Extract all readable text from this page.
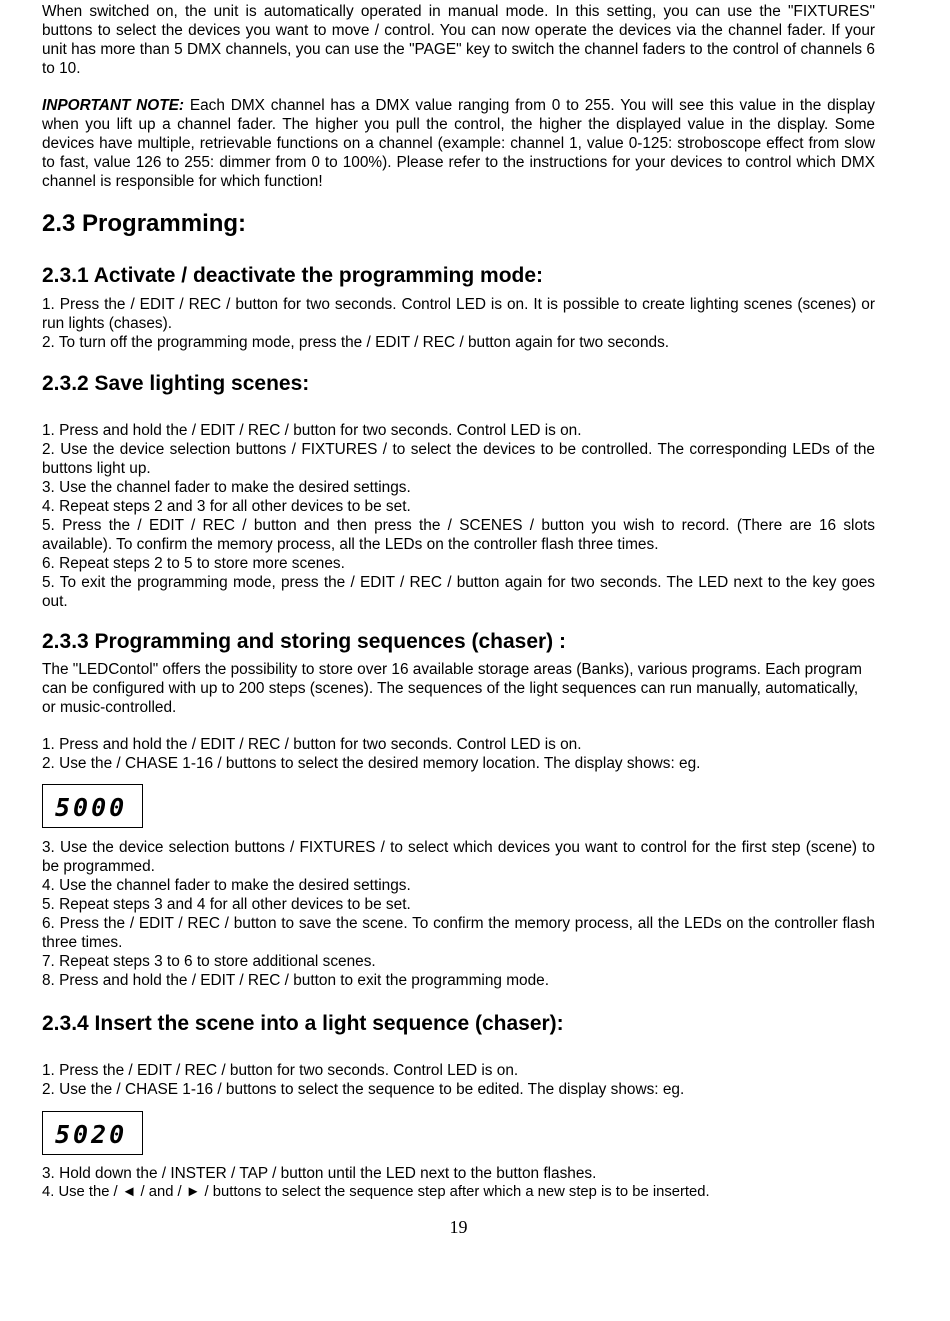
When switched on, the unit is automatically operated in manual mode. In this setting, you can use the "FIXTURES" buttons to select the devices you want to move / control. You can now operate the devices via the channel fader. If your unit has more than 5 DMX channels, you can use the "PAGE" key to switch the channel faders to the control of channels 6 to 10.

INPORTANT NOTE: Each DMX channel has a DMX value ranging from 0 to 255. You will see this value in the display when you lift up a channel fader. The higher you pull the control, the higher the displayed value in the display. Some devices have multiple, retrievable functions on a channel (example: channel 1, value 0-125: stroboscope effect from slow to fast, value 126 to 255: dimmer from 0 to 100%). Please refer to the instructions for your devices to control which DMX channel is responsible for which function!

2.3 Programming:
2.3.1 Activate / deactivate the programming mode:

1. Press the / EDIT / REC / button for two seconds. Control LED is on. It is possible to create lighting scenes (scenes) or run lights (chases).

2. To turn off the programming mode, press the / EDIT / REC / button again for two seconds.

2.3.2 Save lighting scenes:

1. Press and hold the / EDIT / REC / button for two seconds. Control LED is on.

2. Use the device selection buttons / FIXTURES / to select the devices to be controlled. The corresponding LEDs of the buttons light up.

3. Use the channel fader to make the desired settings.

4. Repeat steps 2 and 3 for all other devices to be set.

5. Press the / EDIT / REC / button and then press the / SCENES / button you wish to record. (There are 16 slots available). To confirm the memory process, all the LEDs on the controller flash three times.

6. Repeat steps 2 to 5 to store more scenes.

5. To exit the programming mode, press the / EDIT / REC / button again for two seconds. The LED next to the key goes out.

2.3.3 Programming and storing sequences (chaser) :

The "LEDContol" offers the possibility to store over 16 available storage areas (Banks), various programs. Each program can be configured with up to 200 steps (scenes). The sequences of the light sequences can run manually, automatically, or music-controlled.

1. Press and hold the / EDIT / REC / button for two seconds. Control LED is on.

2. Use the / CHASE 1-16 / buttons to select the desired memory location. The display shows: eg.

5000

3. Use the device selection buttons / FIXTURES / to select which devices you want to control for the first step (scene) to be programmed.

4. Use the channel fader to make the desired settings.

5. Repeat steps 3 and 4 for all other devices to be set.

6. Press the / EDIT / REC / button to save the scene. To confirm the memory process, all the LEDs on the controller flash three times.

7. Repeat steps 3 to 6 to store additional scenes.

8. Press and hold the / EDIT / REC / button to exit the programming mode.

2.3.4 Insert the scene into a light sequence (chaser):

1. Press the / EDIT / REC / button for two seconds. Control LED is on.

2. Use the / CHASE 1-16 / buttons to select the sequence to be edited. The display shows: eg.

5020

3. Hold down the / INSTER / TAP / button until the LED next to the button flashes.

4. Use the / ◄ / and / ► / buttons to select the sequence step after which a new step is to be inserted.

19
